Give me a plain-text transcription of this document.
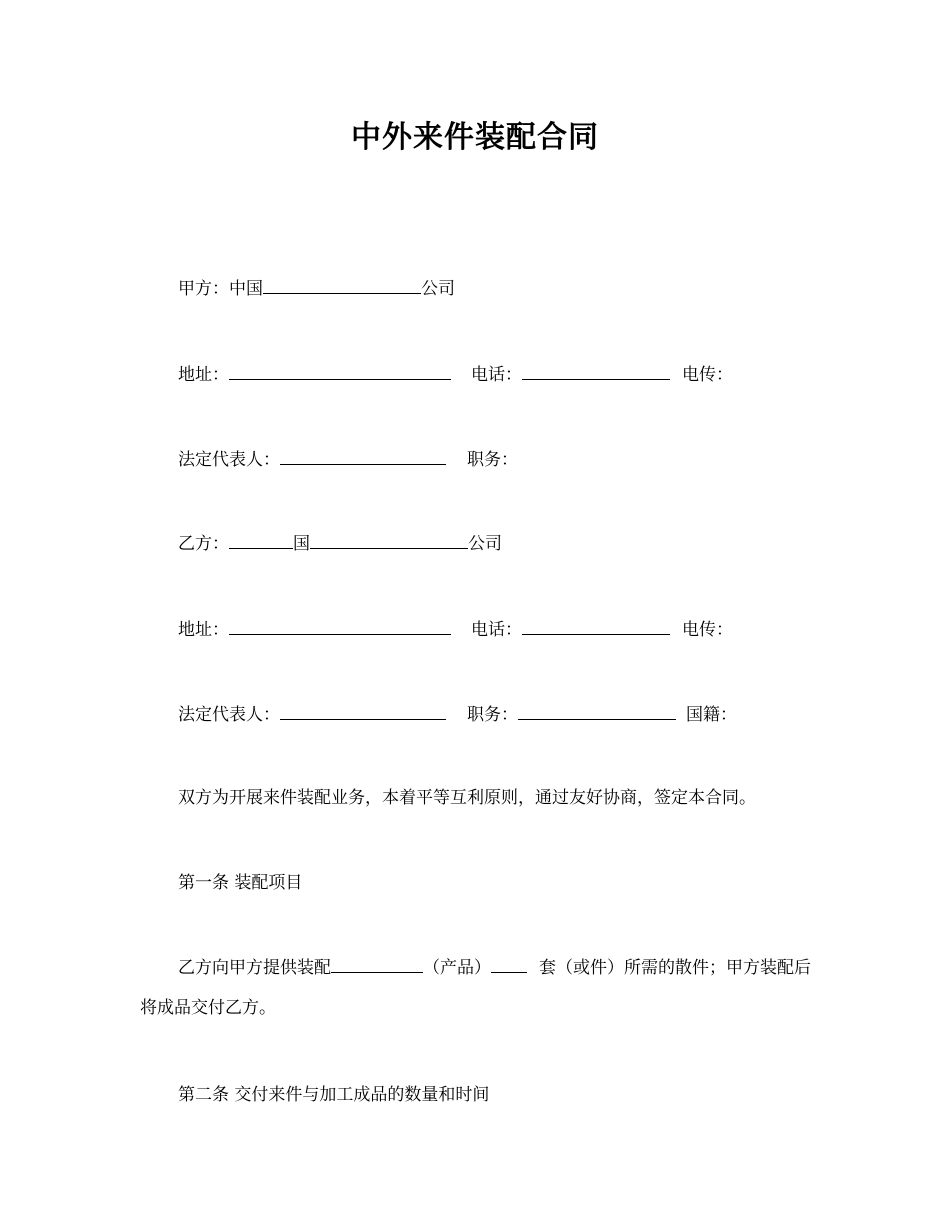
中外来件装配合同
甲方：中国	公司
地址：	电话：	电传：
法定代表人：	职务：
乙方：	国	公司
地址：	电话：	电传：
法定代表人：	职务：	国籍：
双方为开展来件装配业务，本着平等互利原则，通过友好协商，签定本合同。
第一条 装配项目
乙方向甲方提供装配	（产品）	套（或件）所需的散件；甲方装配后将成品交付乙方。
第二条 交付来件与加工成品的数量和时间
